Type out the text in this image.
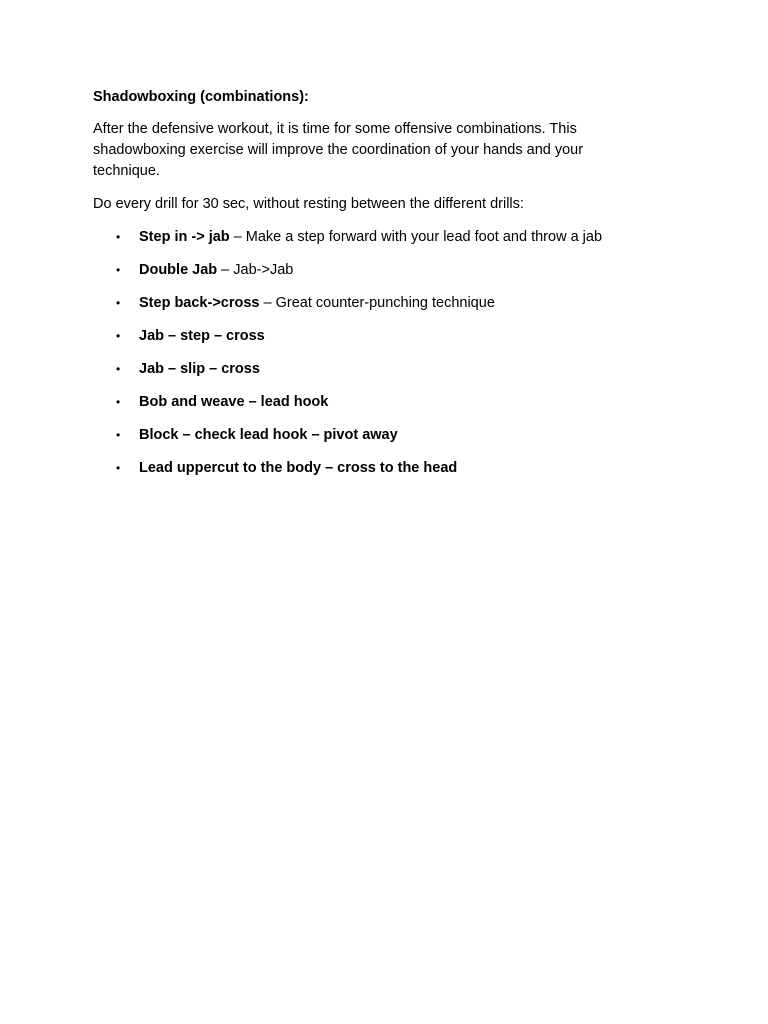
Shadowboxing (combinations):

After the defensive workout, it is time for some offensive combinations. This shadowboxing exercise will improve the coordination of your hands and your technique.

Do every drill for 30 sec, without resting between the different drills:

• Step in -> jab – Make a step forward with your lead foot and throw a jab
• Double Jab – Jab->Jab
• Step back->cross – Great counter-punching technique
• Jab – step – cross
• Jab – slip – cross
• Bob and weave – lead hook
• Block – check lead hook – pivot away
• Lead uppercut to the body – cross to the head
